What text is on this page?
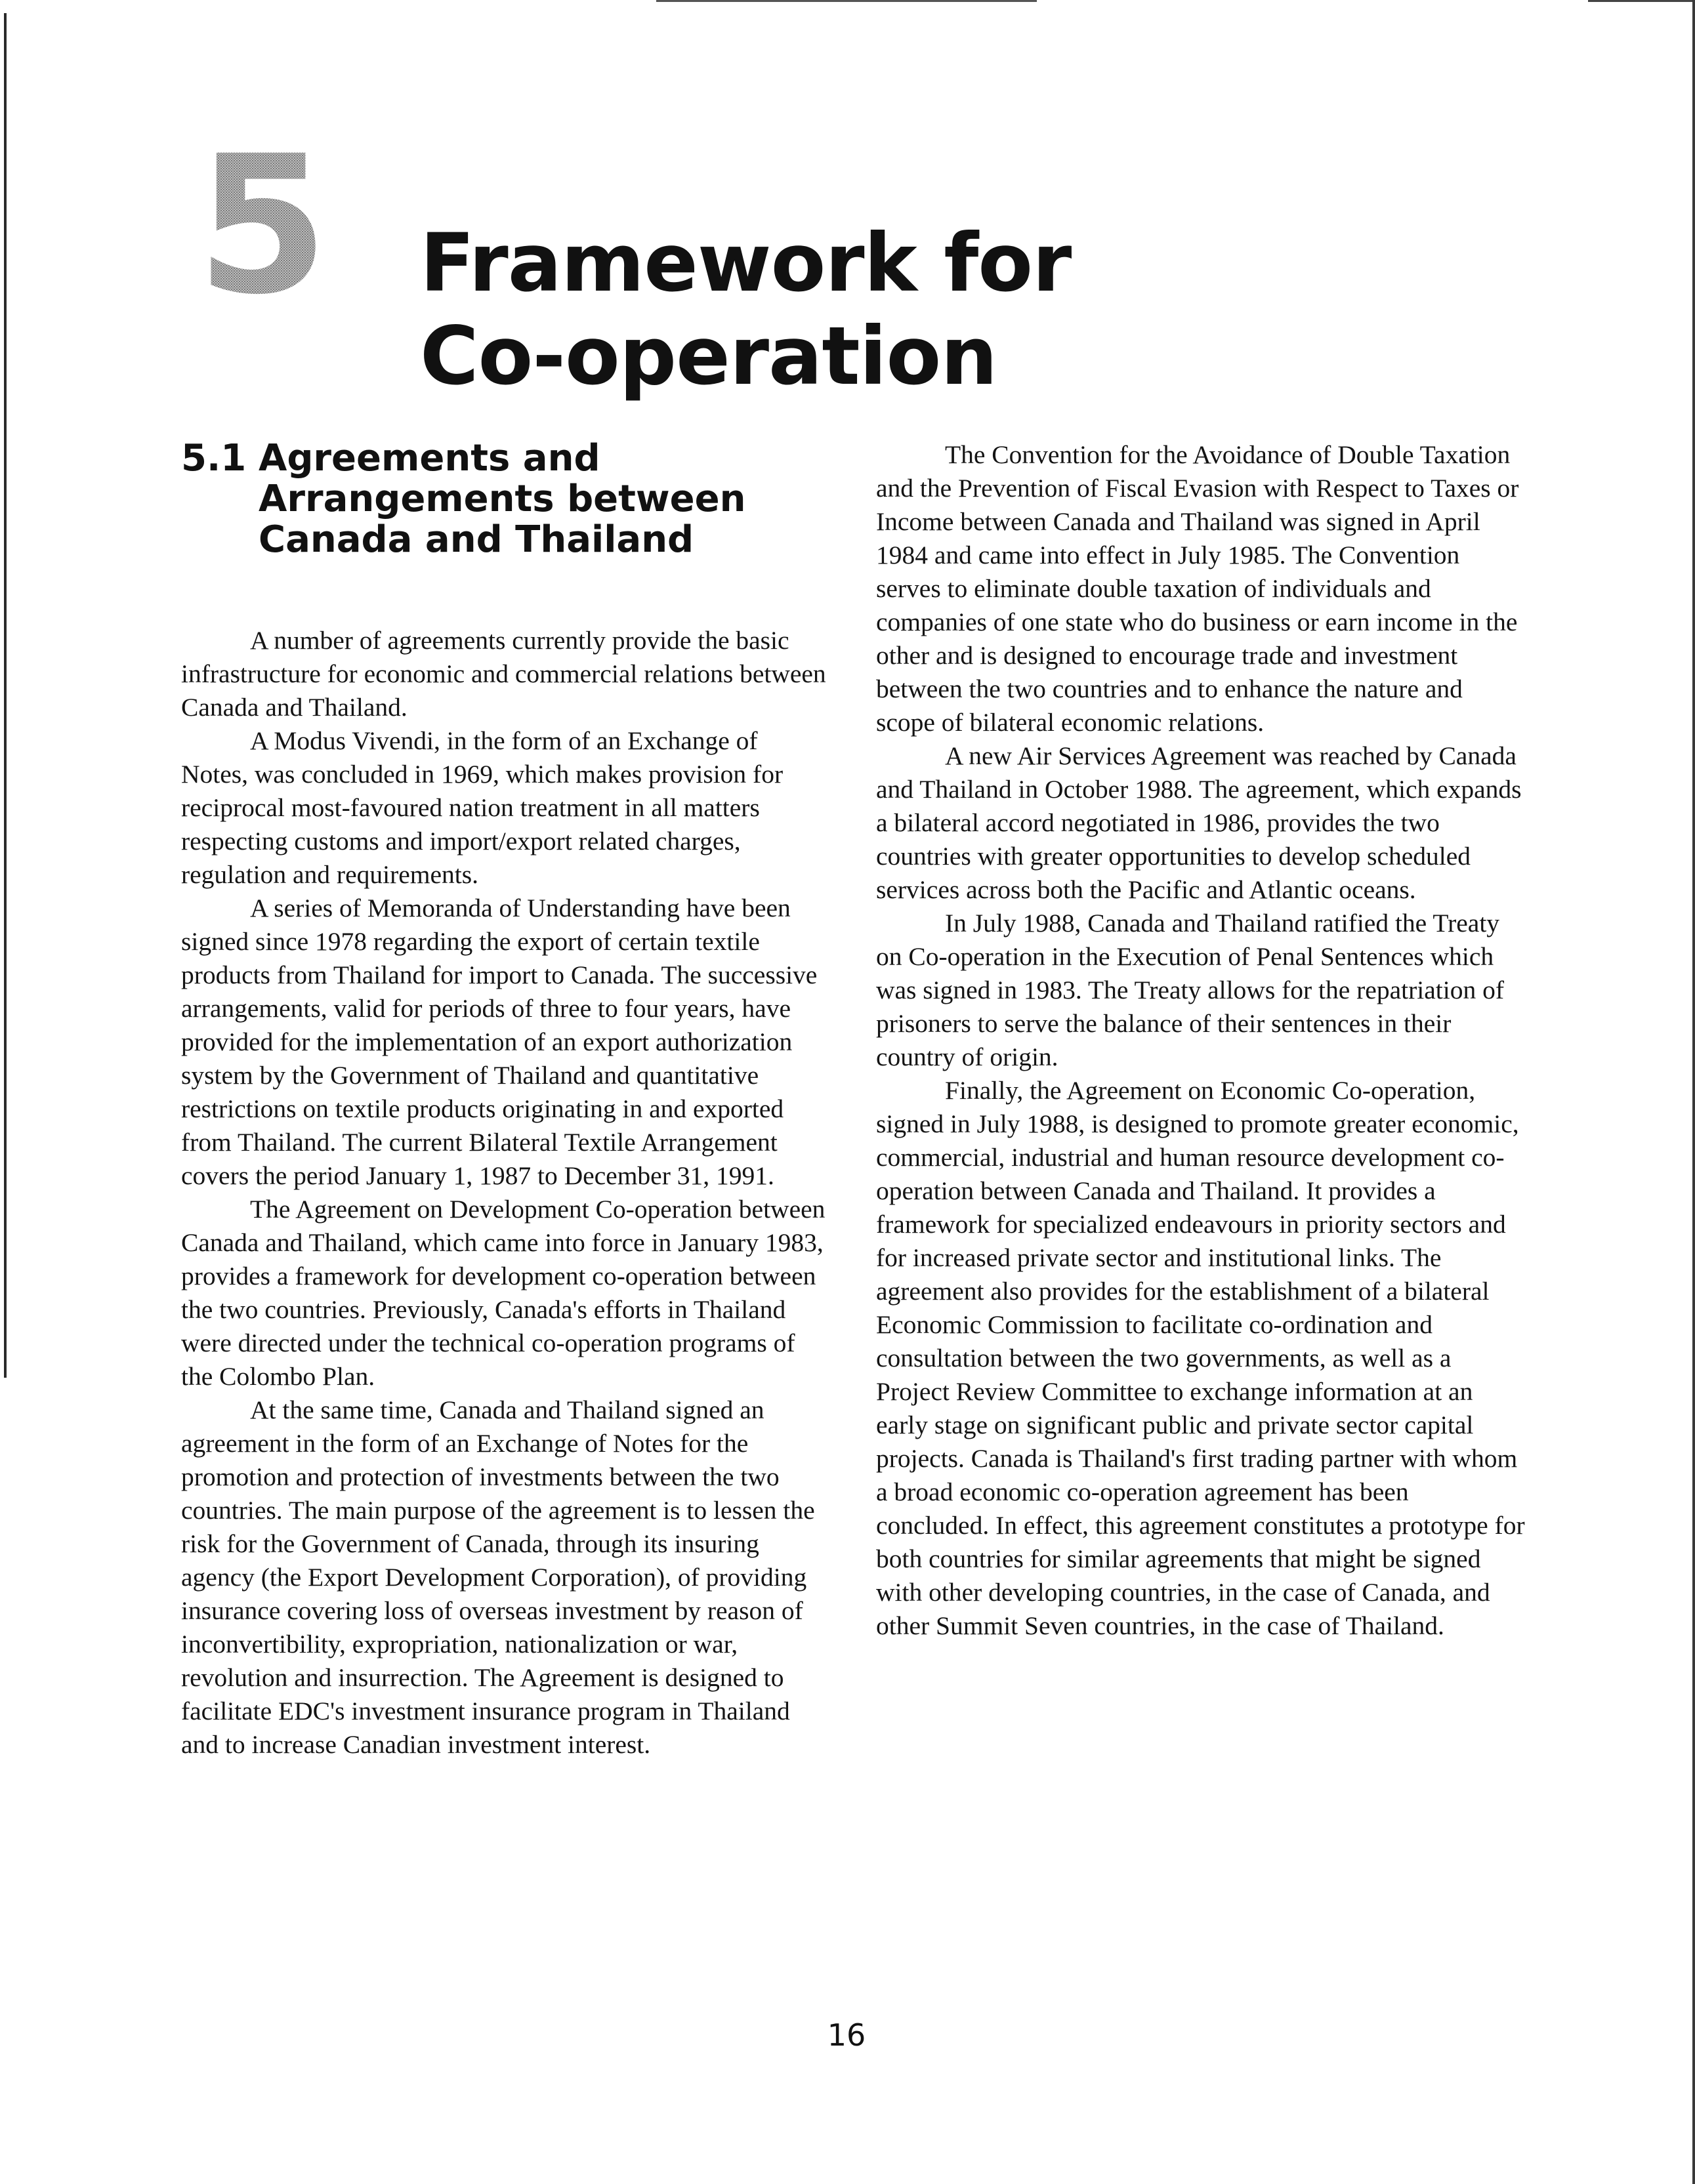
5 Framework for
Co-operation
5.1 Agreements and Arrangements between Canada and Thailand

A number of agreements currently provide the basic infrastructure for economic and commercial relations between Canada and Thailand.

A Modus Vivendi, in the form of an Exchange of Notes, was concluded in 1969, which makes provision for reciprocal most-favoured nation treatment in all matters respecting customs and import/export related charges, regulation and requirements.

A series of Memoranda of Understanding have been signed since 1978 regarding the export of certain textile products from Thailand for import to Canada. The successive arrangements, valid for periods of three to four years, have provided for the implementation of an export authorization system by the Government of Thailand and quantitative restrictions on textile products originating in and exported from Thailand. The current Bilateral Textile Arrangement covers the period January 1, 1987 to December 31, 1991.

The Agreement on Development Co-operation between Canada and Thailand, which came into force in January 1983, provides a framework for development co-operation between the two countries. Previously, Canada's efforts in Thailand were directed under the technical co-operation programs of the Colombo Plan.

At the same time, Canada and Thailand signed an agreement in the form of an Exchange of Notes for the promotion and protection of investments between the two countries. The main purpose of the agreement is to lessen the risk for the Government of Canada, through its insuring agency (the Export Development Corporation), of providing insurance covering loss of overseas investment by reason of inconvertibility, expropriation, nationalization or war, revolution and insurrection. The Agreement is designed to facilitate EDC's investment insurance program in Thailand and to increase Canadian investment interest.

The Convention for the Avoidance of Double Taxation and the Prevention of Fiscal Evasion with Respect to Taxes or Income between Canada and Thailand was signed in April 1984 and came into effect in July 1985. The Convention serves to eliminate double taxation of individuals and companies of one state who do business or earn income in the other and is designed to encourage trade and investment between the two countries and to enhance the nature and scope of bilateral economic relations.

A new Air Services Agreement was reached by Canada and Thailand in October 1988. The agreement, which expands a bilateral accord negotiated in 1986, provides the two countries with greater opportunities to develop scheduled services across both the Pacific and Atlantic oceans.

In July 1988, Canada and Thailand ratified the Treaty on Co-operation in the Execution of Penal Sentences which was signed in 1983. The Treaty allows for the repatriation of prisoners to serve the balance of their sentences in their country of origin.

Finally, the Agreement on Economic Co-operation, signed in July 1988, is designed to promote greater economic, commercial, industrial and human resource development co-operation between Canada and Thailand. It provides a framework for specialized endeavours in priority sectors and for increased private sector and institutional links. The agreement also provides for the establishment of a bilateral Economic Commission to facilitate co-ordination and consultation between the two governments, as well as a Project Review Committee to exchange information at an early stage on significant public and private sector capital projects. Canada is Thailand's first trading partner with whom a broad economic co-operation agreement has been concluded. In effect, this agreement constitutes a prototype for both countries for similar agreements that might be signed with other developing countries, in the case of Canada, and other Summit Seven countries, in the case of Thailand.

16
